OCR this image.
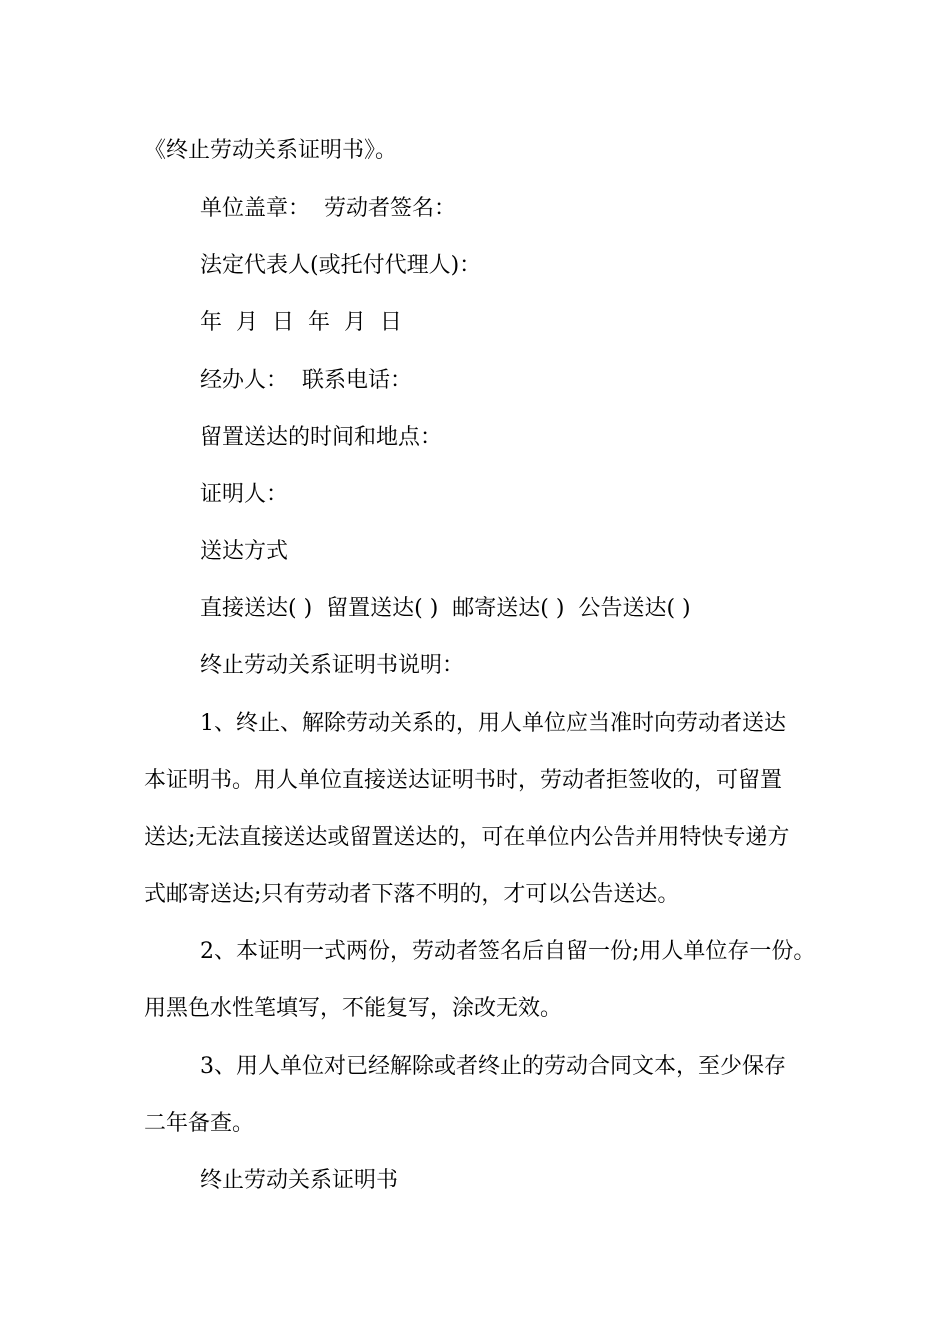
《终止劳动关系证明书》。
单位盖章：  劳动者签名：
法定代表人(或托付代理人)：
年  月  日  年  月  日
经办人：  联系电话：
留置送达的时间和地点：
证明人：
送达方式
直接送达( )  留置送达( )  邮寄送达( )  公告送达( )
终止劳动关系证明书说明：
1、终止、解除劳动关系的，用人单位应当准时向劳动者送达
本证明书。用人单位直接送达证明书时，劳动者拒签收的，可留置
送达;无法直接送达或留置送达的，可在单位内公告并用特快专递方
式邮寄送达;只有劳动者下落不明的，才可以公告送达。
2、本证明一式两份，劳动者签名后自留一份;用人单位存一份。
用黑色水性笔填写，不能复写，涂改无效。
3、用人单位对已经解除或者终止的劳动合同文本，至少保存
二年备查。
终止劳动关系证明书
